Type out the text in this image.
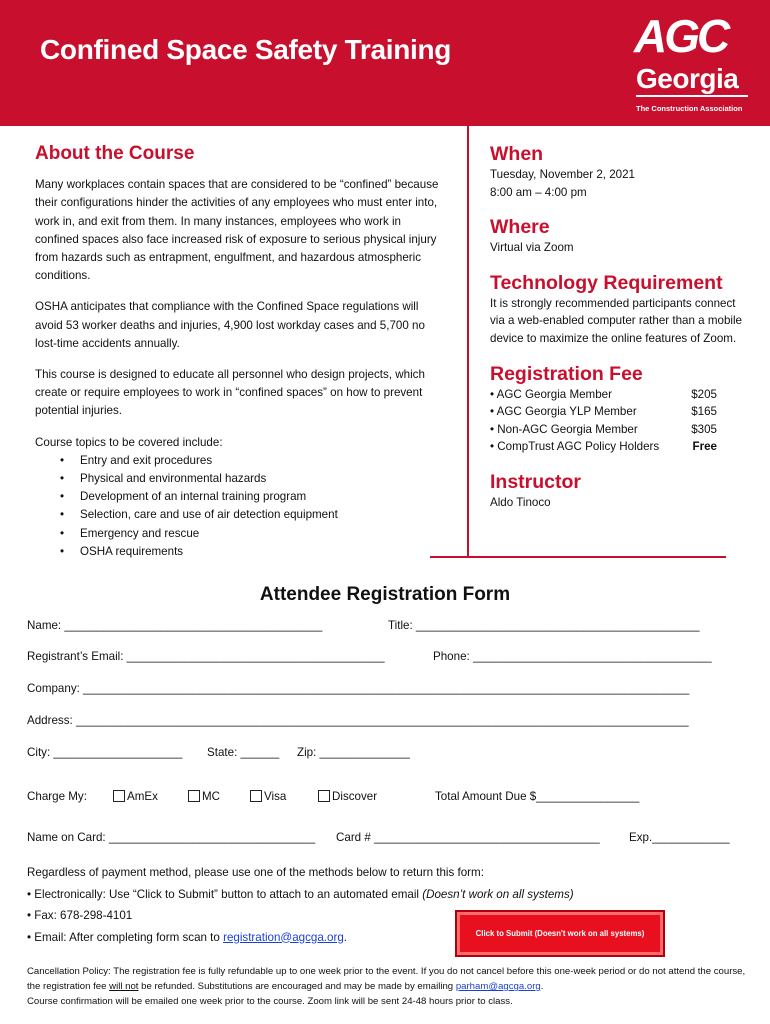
Confined Space Safety Training	AGC
Georgia
The Construction Association
About the Course

Many workplaces contain spaces that are considered to be “confined” because their configurations hinder the activities of any employees who must enter into, work in, and exit from them. In many instances, employees who work in confined spaces also face increased risk of exposure to serious physical injury from hazards such as entrapment, engulfment, and hazardous atmospheric conditions.

OSHA anticipates that compliance with the Confined Space regulations will avoid 53 worker deaths and injuries, 4,900 lost workday cases and 5,700 no lost-time accidents annually.

This course is designed to educate all personnel who design projects, which create or require employees to work in “confined spaces” on how to prevent potential injuries.

Course topics to be covered include:
• Entry and exit procedures
• Physical and environmental hazards
• Development of an internal training program
• Selection, care and use of air detection equipment
• Emergency and rescue
• OSHA requirements
When
Tuesday, November 2, 2021
8:00 am – 4:00 pm
Where
Virtual via Zoom
Technology Requirement
It is strongly recommended participants connect via a web-enabled computer rather than a mobile device to maximize the online features of Zoom.
Registration Fee
• AGC Georgia Member	$205
• AGC Georgia YLP Member	$165
• Non-AGC Georgia Member	$305
• CompTrust AGC Policy Holders	Free
Instructor
Aldo Tinoco
Attendee Registration Form
Name: ________________________________________	Title: ____________________________________________
Registrant’s Email: ________________________________________	Phone: _____________________________________
Company: ______________________________________________________________________________________________
Address: _______________________________________________________________________________________________
City: ____________________ State: ______ Zip: ______________
Charge My:	AmEx	MC	Visa	Discover	Total Amount Due $________________
Name on Card: ________________________________ Card # ___________________________________	Exp.____________
Regardless of payment method, please use one of the methods below to return this form:
• Electronically: Use “Click to Submit” button to attach to an automated email (Doesn’t work on all systems)
• Fax: 678-298-4101
• Email: After completing form scan to registration@agcga.org.	Click to Submit (Doesn't work on all systems)
Cancellation Policy: The registration fee is fully refundable up to one week prior to the event. If you do not cancel before this one-week period or do not attend the course, the registration fee will not be refunded. Substitutions are encouraged and may be made by emailing parham@agcga.org.
Course confirmation will be emailed one week prior to the course. Zoom link will be sent 24-48 hours prior to class.
